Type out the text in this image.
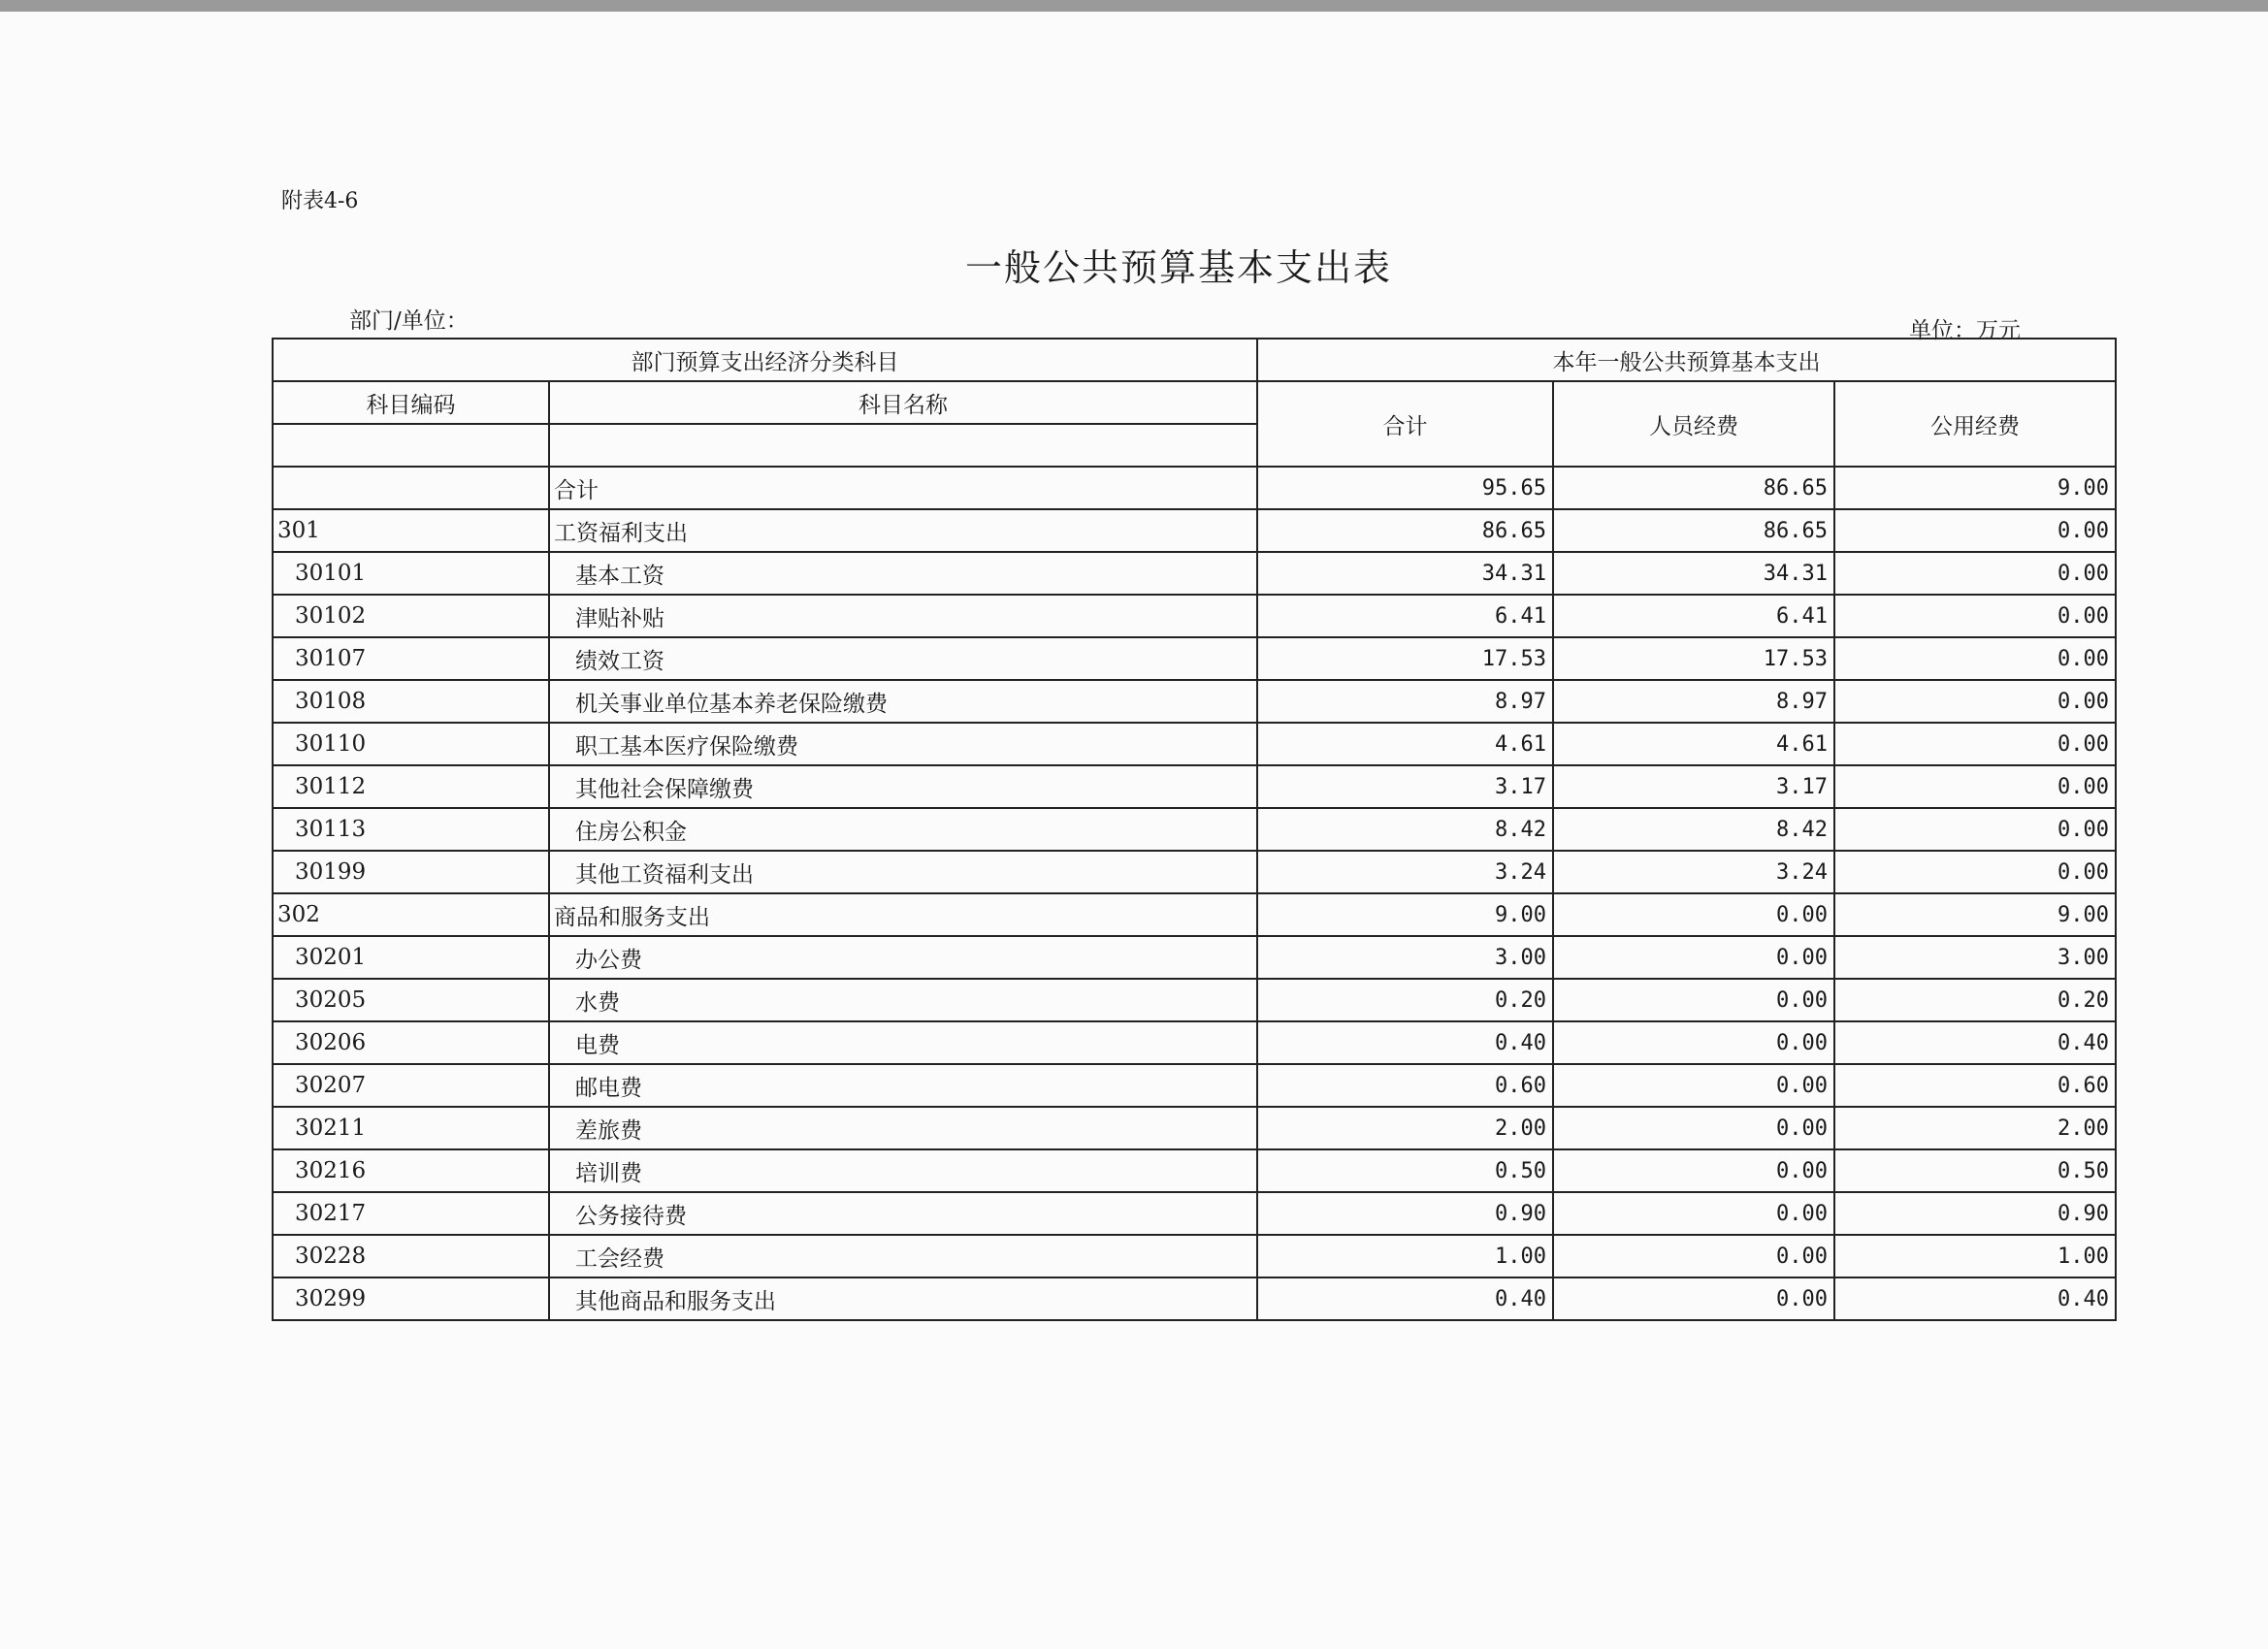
附表4-6
一般公共预算基本支出表
部门/单位：	单位：万元
部门预算支出经济分类科目		本年一般公共预算基本支出		
科目编码	科目名称	合计	人员经费	公用经费

	合计	95.65	86.65	9.00
301	工资福利支出	86.65	86.65	0.00
30101	基本工资	34.31	34.31	0.00
30102	津贴补贴	6.41	6.41	0.00
30107	绩效工资	17.53	17.53	0.00
30108	机关事业单位基本养老保险缴费	8.97	8.97	0.00
30110	职工基本医疗保险缴费	4.61	4.61	0.00
30112	其他社会保障缴费	3.17	3.17	0.00
30113	住房公积金	8.42	8.42	0.00
30199	其他工资福利支出	3.24	3.24	0.00
302	商品和服务支出	9.00	0.00	9.00
30201	办公费	3.00	0.00	3.00
30205	水费	0.20	0.00	0.20
30206	电费	0.40	0.00	0.40
30207	邮电费	0.60	0.00	0.60
30211	差旅费	2.00	0.00	2.00
30216	培训费	0.50	0.00	0.50
30217	公务接待费	0.90	0.00	0.90
30228	工会经费	1.00	0.00	1.00
30299	其他商品和服务支出	0.40	0.00	0.40
